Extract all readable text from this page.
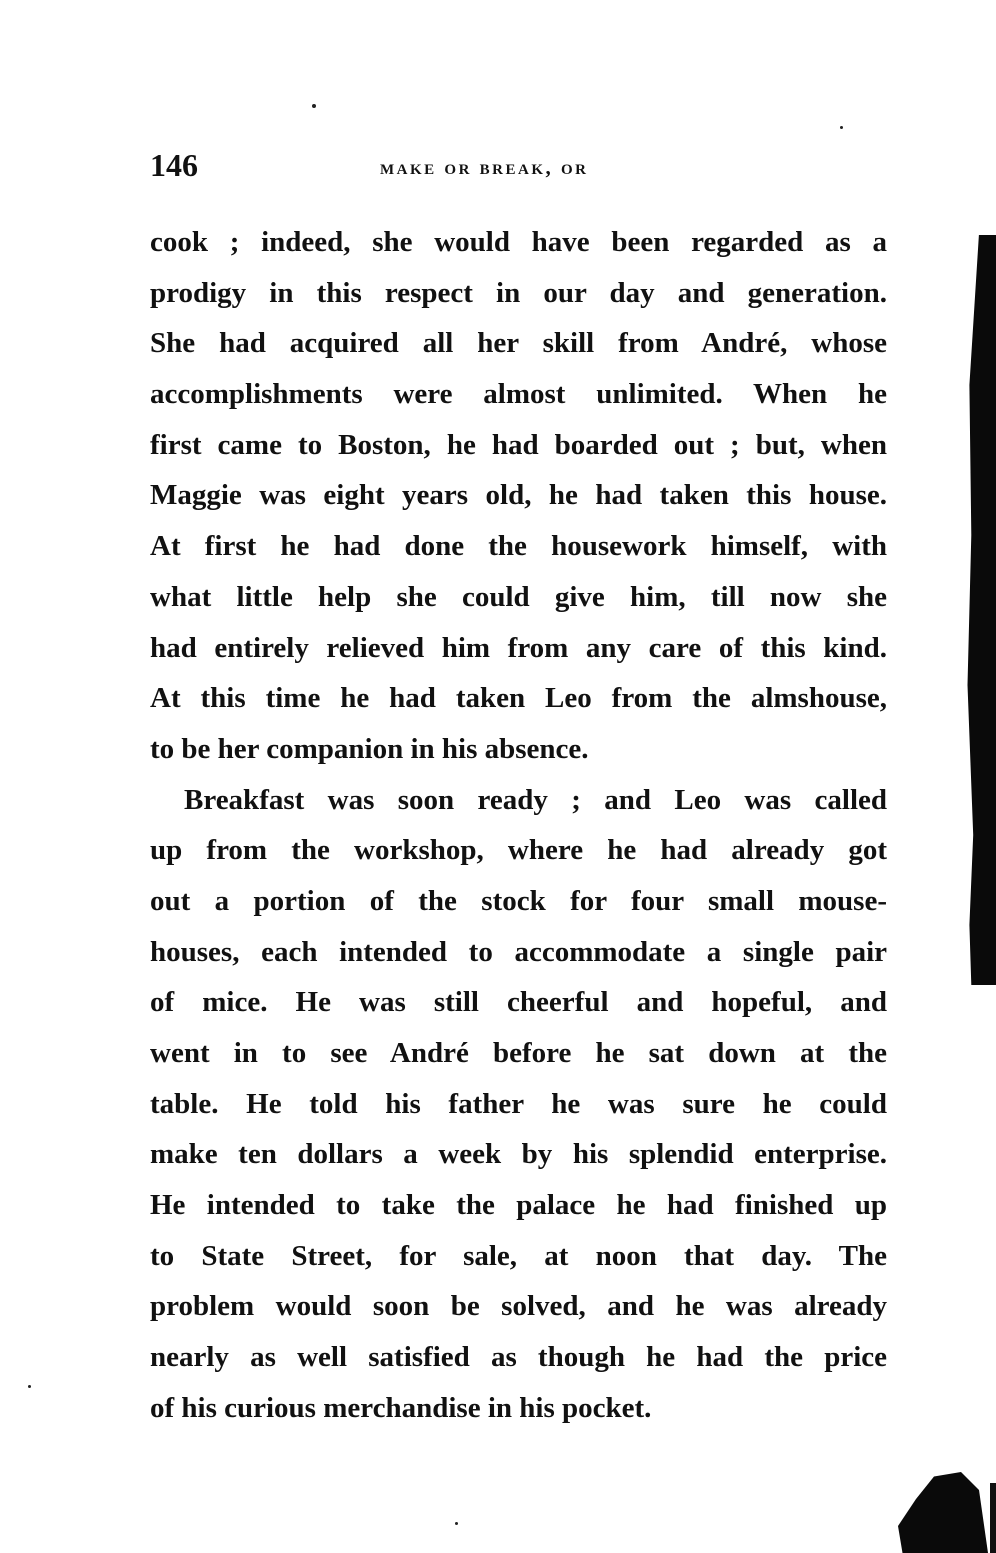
146	make or break, or
cook ; indeed, she would have been regarded as a
prodigy in this respect in our day and generation.
She had acquired all her skill from André, whose
accomplishments were almost unlimited. When he
first came to Boston, he had boarded out ; but, when
Maggie was eight years old, he had taken this house.
At first he had done the housework himself, with
what little help she could give him, till now she
had entirely relieved him from any care of this kind.
At this time he had taken Leo from the almshouse,
to be her companion in his absence.
Breakfast was soon ready ; and Leo was called
up from the workshop, where he had already got
out a portion of the stock for four small mouse-
houses, each intended to accommodate a single pair
of mice. He was still cheerful and hopeful, and
went in to see André before he sat down at the
table. He told his father he was sure he could
make ten dollars a week by his splendid enterprise.
He intended to take the palace he had finished up
to State Street, for sale, at noon that day. The
problem would soon be solved, and he was already
nearly as well satisfied as though he had the price
of his curious merchandise in his pocket.
